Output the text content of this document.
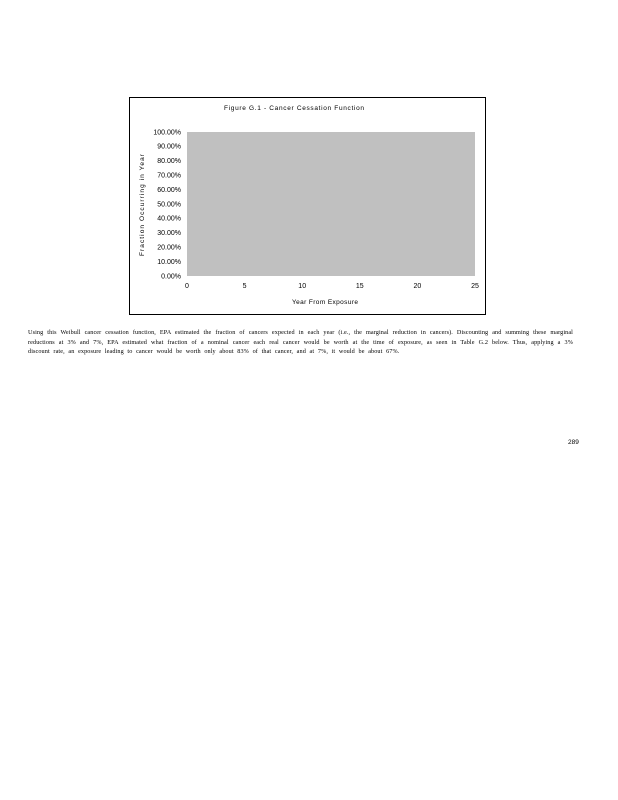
Figure G.1 - Cancer Cessation Function
Fraction Occurring in Year
Year From Exposure
0.00%
10.00%
20.00%
30.00%
40.00%
50.00%
60.00%
70.00%
80.00%
90.00%
100.00%
0	5	10	15	20	25
Using this Weibull cancer cessation function, EPA estimated the fraction of cancers expected in each year (i.e., the marginal reduction in cancers). Discounting and summing these marginal reductions at 3% and 7%, EPA estimated what fraction of a nominal cancer each real cancer would be worth at the time of exposure, as seen in Table G.2 below. Thus, applying a 3% discount rate, an exposure leading to cancer would be worth only about 83% of that cancer, and at 7%, it would be about 67%.
289
